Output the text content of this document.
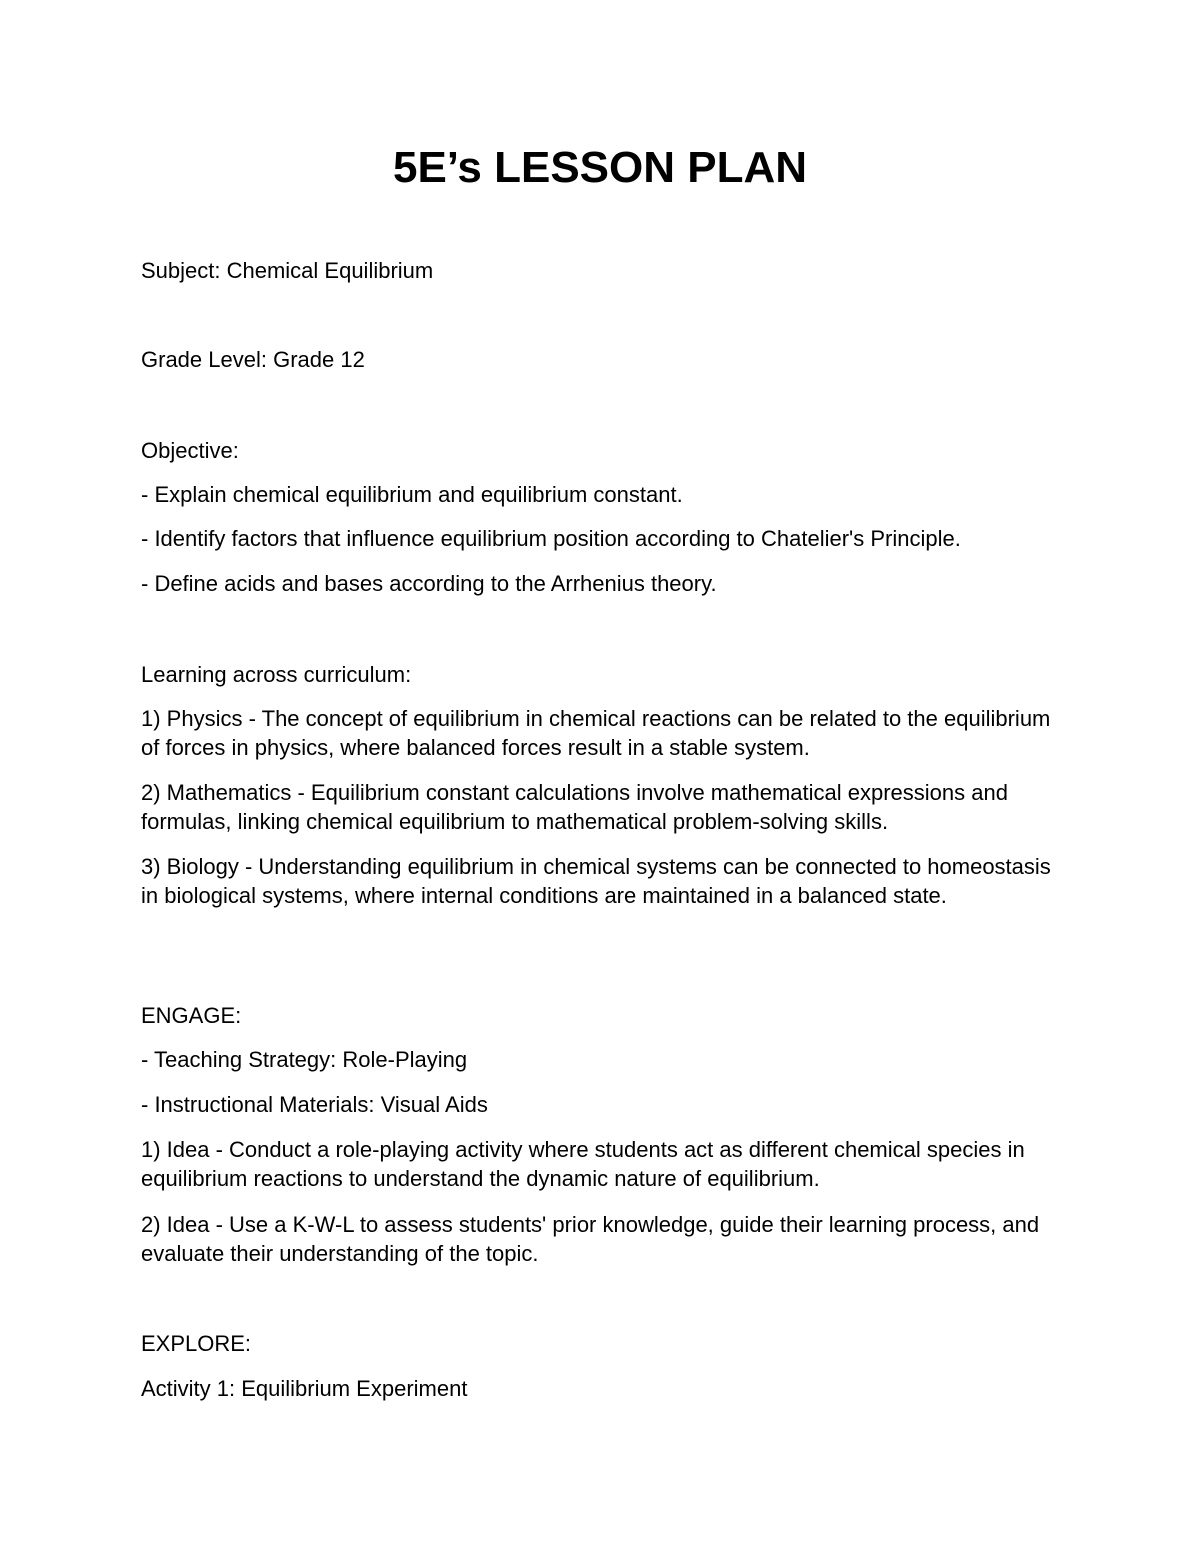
5E’s LESSON PLAN
Subject: Chemical Equilibrium
Grade Level: Grade 12
Objective:
- Explain chemical equilibrium and equilibrium constant.
- Identify factors that influence equilibrium position according to Chatelier's Principle.
- Define acids and bases according to the Arrhenius theory.
Learning across curriculum:
1) Physics - The concept of equilibrium in chemical reactions can be related to the equilibrium of forces in physics, where balanced forces result in a stable system.
2) Mathematics - Equilibrium constant calculations involve mathematical expressions and formulas, linking chemical equilibrium to mathematical problem-solving skills.
3) Biology - Understanding equilibrium in chemical systems can be connected to homeostasis in biological systems, where internal conditions are maintained in a balanced state.
ENGAGE:
- Teaching Strategy: Role-Playing
- Instructional Materials: Visual Aids
1) Idea - Conduct a role-playing activity where students act as different chemical species in equilibrium reactions to understand the dynamic nature of equilibrium.
2) Idea - Use a K-W-L to assess students' prior knowledge, guide their learning process, and evaluate their understanding of the topic.
EXPLORE:
Activity 1: Equilibrium Experiment
